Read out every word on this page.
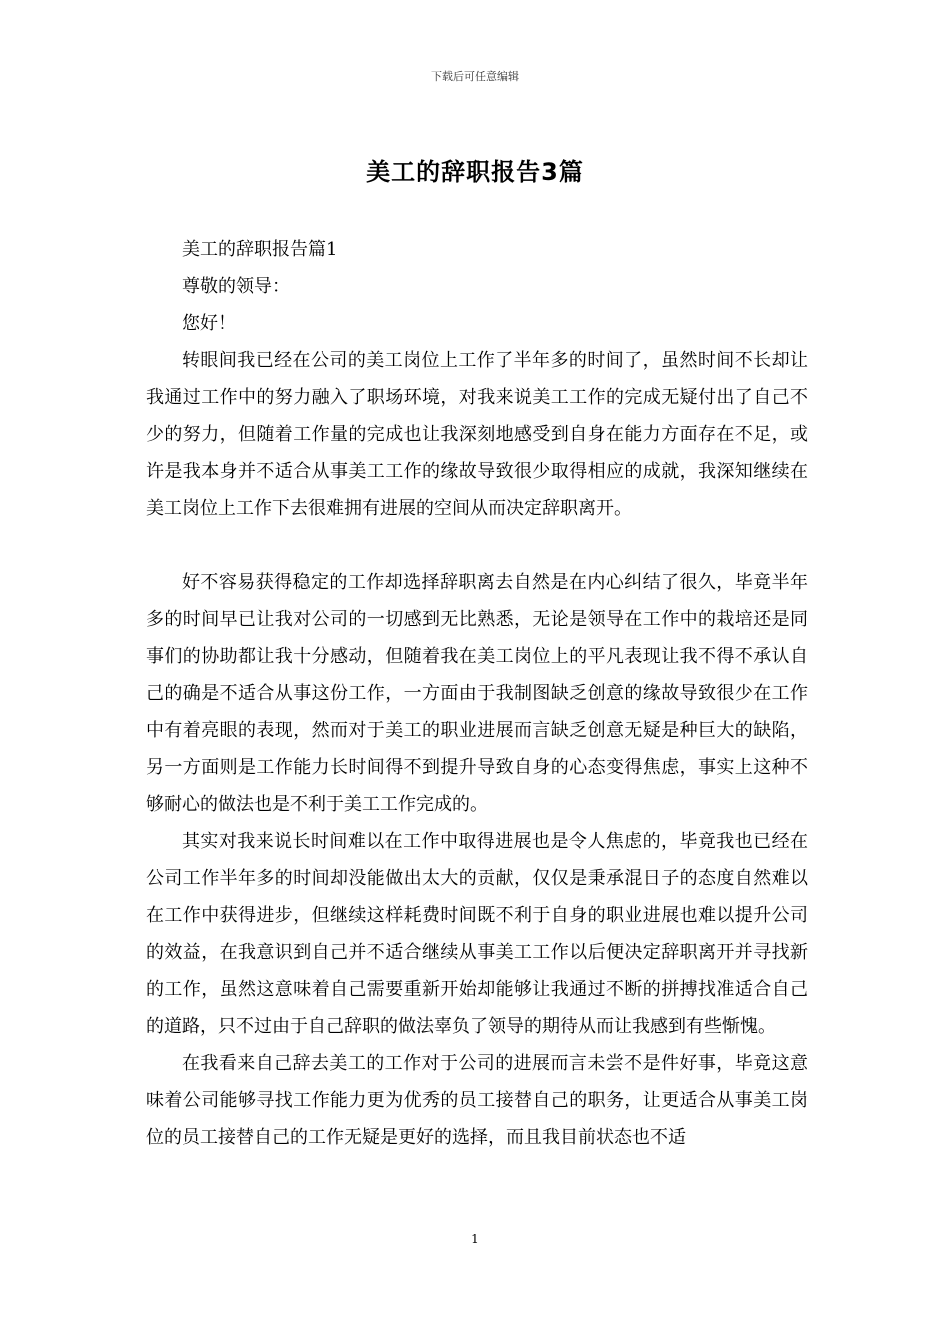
下载后可任意编辑
美工的辞职报告3篇

美工的辞职报告篇1

尊敬的领导：

您好！

转眼间我已经在公司的美工岗位上工作了半年多的时间了，虽然时间不长却让我通过工作中的努力融入了职场环境，对我来说美工工作的完成无疑付出了自己不少的努力，但随着工作量的完成也让我深刻地感受到自身在能力方面存在不足，或许是我本身并不适合从事美工工作的缘故导致很少取得相应的成就，我深知继续在美工岗位上工作下去很难拥有进展的空间从而决定辞职离开。

好不容易获得稳定的工作却选择辞职离去自然是在内心纠结了很久，毕竟半年多的时间早已让我对公司的一切感到无比熟悉，无论是领导在工作中的栽培还是同事们的协助都让我十分感动，但随着我在美工岗位上的平凡表现让我不得不承认自己的确是不适合从事这份工作，一方面由于我制图缺乏创意的缘故导致很少在工作中有着亮眼的表现，然而对于美工的职业进展而言缺乏创意无疑是种巨大的缺陷，另一方面则是工作能力长时间得不到提升导致自身的心态变得焦虑，事实上这种不够耐心的做法也是不利于美工工作完成的。

其实对我来说长时间难以在工作中取得进展也是令人焦虑的，毕竟我也已经在公司工作半年多的时间却没能做出太大的贡献，仅仅是秉承混日子的态度自然难以在工作中获得进步，但继续这样耗费时间既不利于自身的职业进展也难以提升公司的效益，在我意识到自己并不适合继续从事美工工作以后便决定辞职离开并寻找新的工作，虽然这意味着自己需要重新开始却能够让我通过不断的拼搏找准适合自己的道路，只不过由于自己辞职的做法辜负了领导的期待从而让我感到有些惭愧。

在我看来自己辞去美工的工作对于公司的进展而言未尝不是件好事，毕竟这意味着公司能够寻找工作能力更为优秀的员工接替自己的职务，让更适合从事美工岗位的员工接替自己的工作无疑是更好的选择，而且我目前状态也不适

1
